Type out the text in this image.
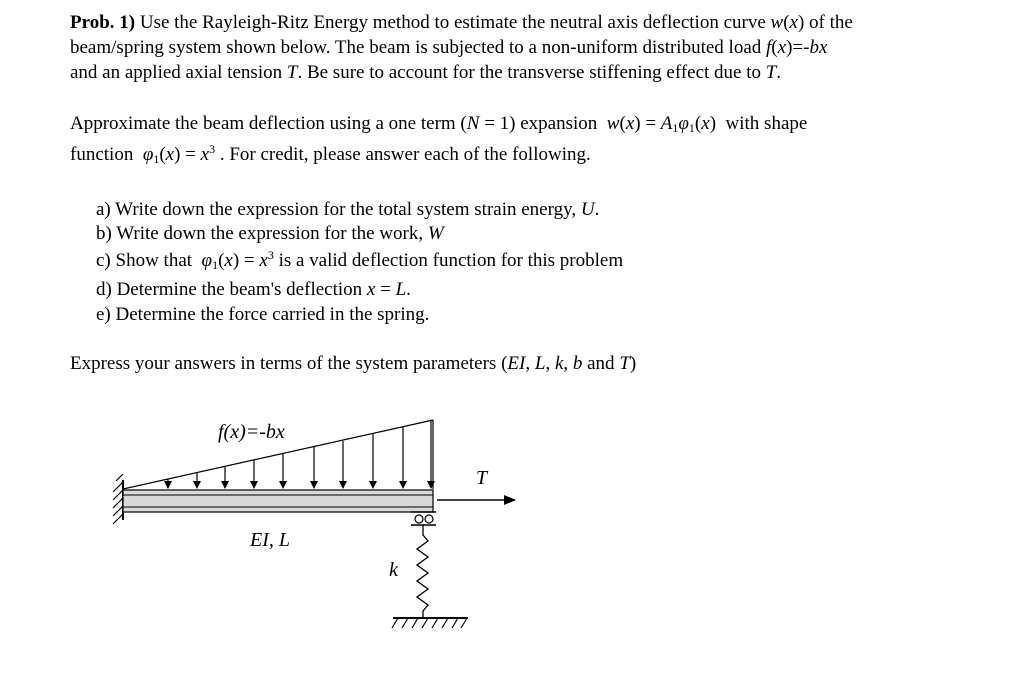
Prob. 1) Use the Rayleigh-Ritz Energy method to estimate the neutral axis deflection curve w(x) of the
beam/spring system shown below. The beam is subjected to a non-uniform distributed load f(x)=-bx
and an applied axial tension T. Be sure to account for the transverse stiffening effect due to T.
Approximate the beam deflection using a one term (N = 1) expansion  $w(x) = A_1\varphi_1(x)$  with shape
function  $\varphi_1(x) = x^3$ . For credit, please answer each of the following.
a) Write down the expression for the total system strain energy, U.
b) Write down the expression for the work, W
c) Show that  $\varphi_1(x) = x^3$ is a valid deflection function for this problem
d) Determine the beam's deflection x = L.
e) Determine the force carried in the spring.
Express your answers in terms of the system parameters (EI, L, k, b and T)
f(x)=-bx
T
EI, L
k
